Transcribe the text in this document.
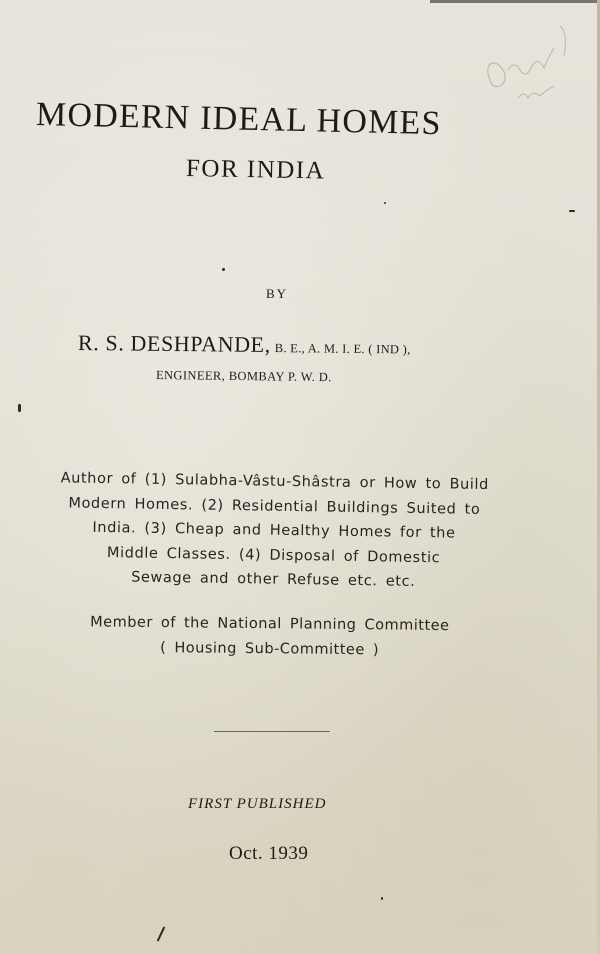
MODERN IDEAL HOMES
FOR INDIA
BY
R. S. DESHPANDE, B. E., A. M. I. E. ( IND ),
ENGINEER, BOMBAY P. W. D.
Author of (1) Sulabha-Vâstu-Shâstra or How to Build
Modern Homes. (2) Residential Buildings Suited to
India. (3) Cheap and Healthy Homes for the
Middle Classes. (4) Disposal of Domestic
Sewage and other Refuse etc. etc.
Member of the National Planning Committee
( Housing Sub-Committee )
FIRST PUBLISHED
Oct. 1939
